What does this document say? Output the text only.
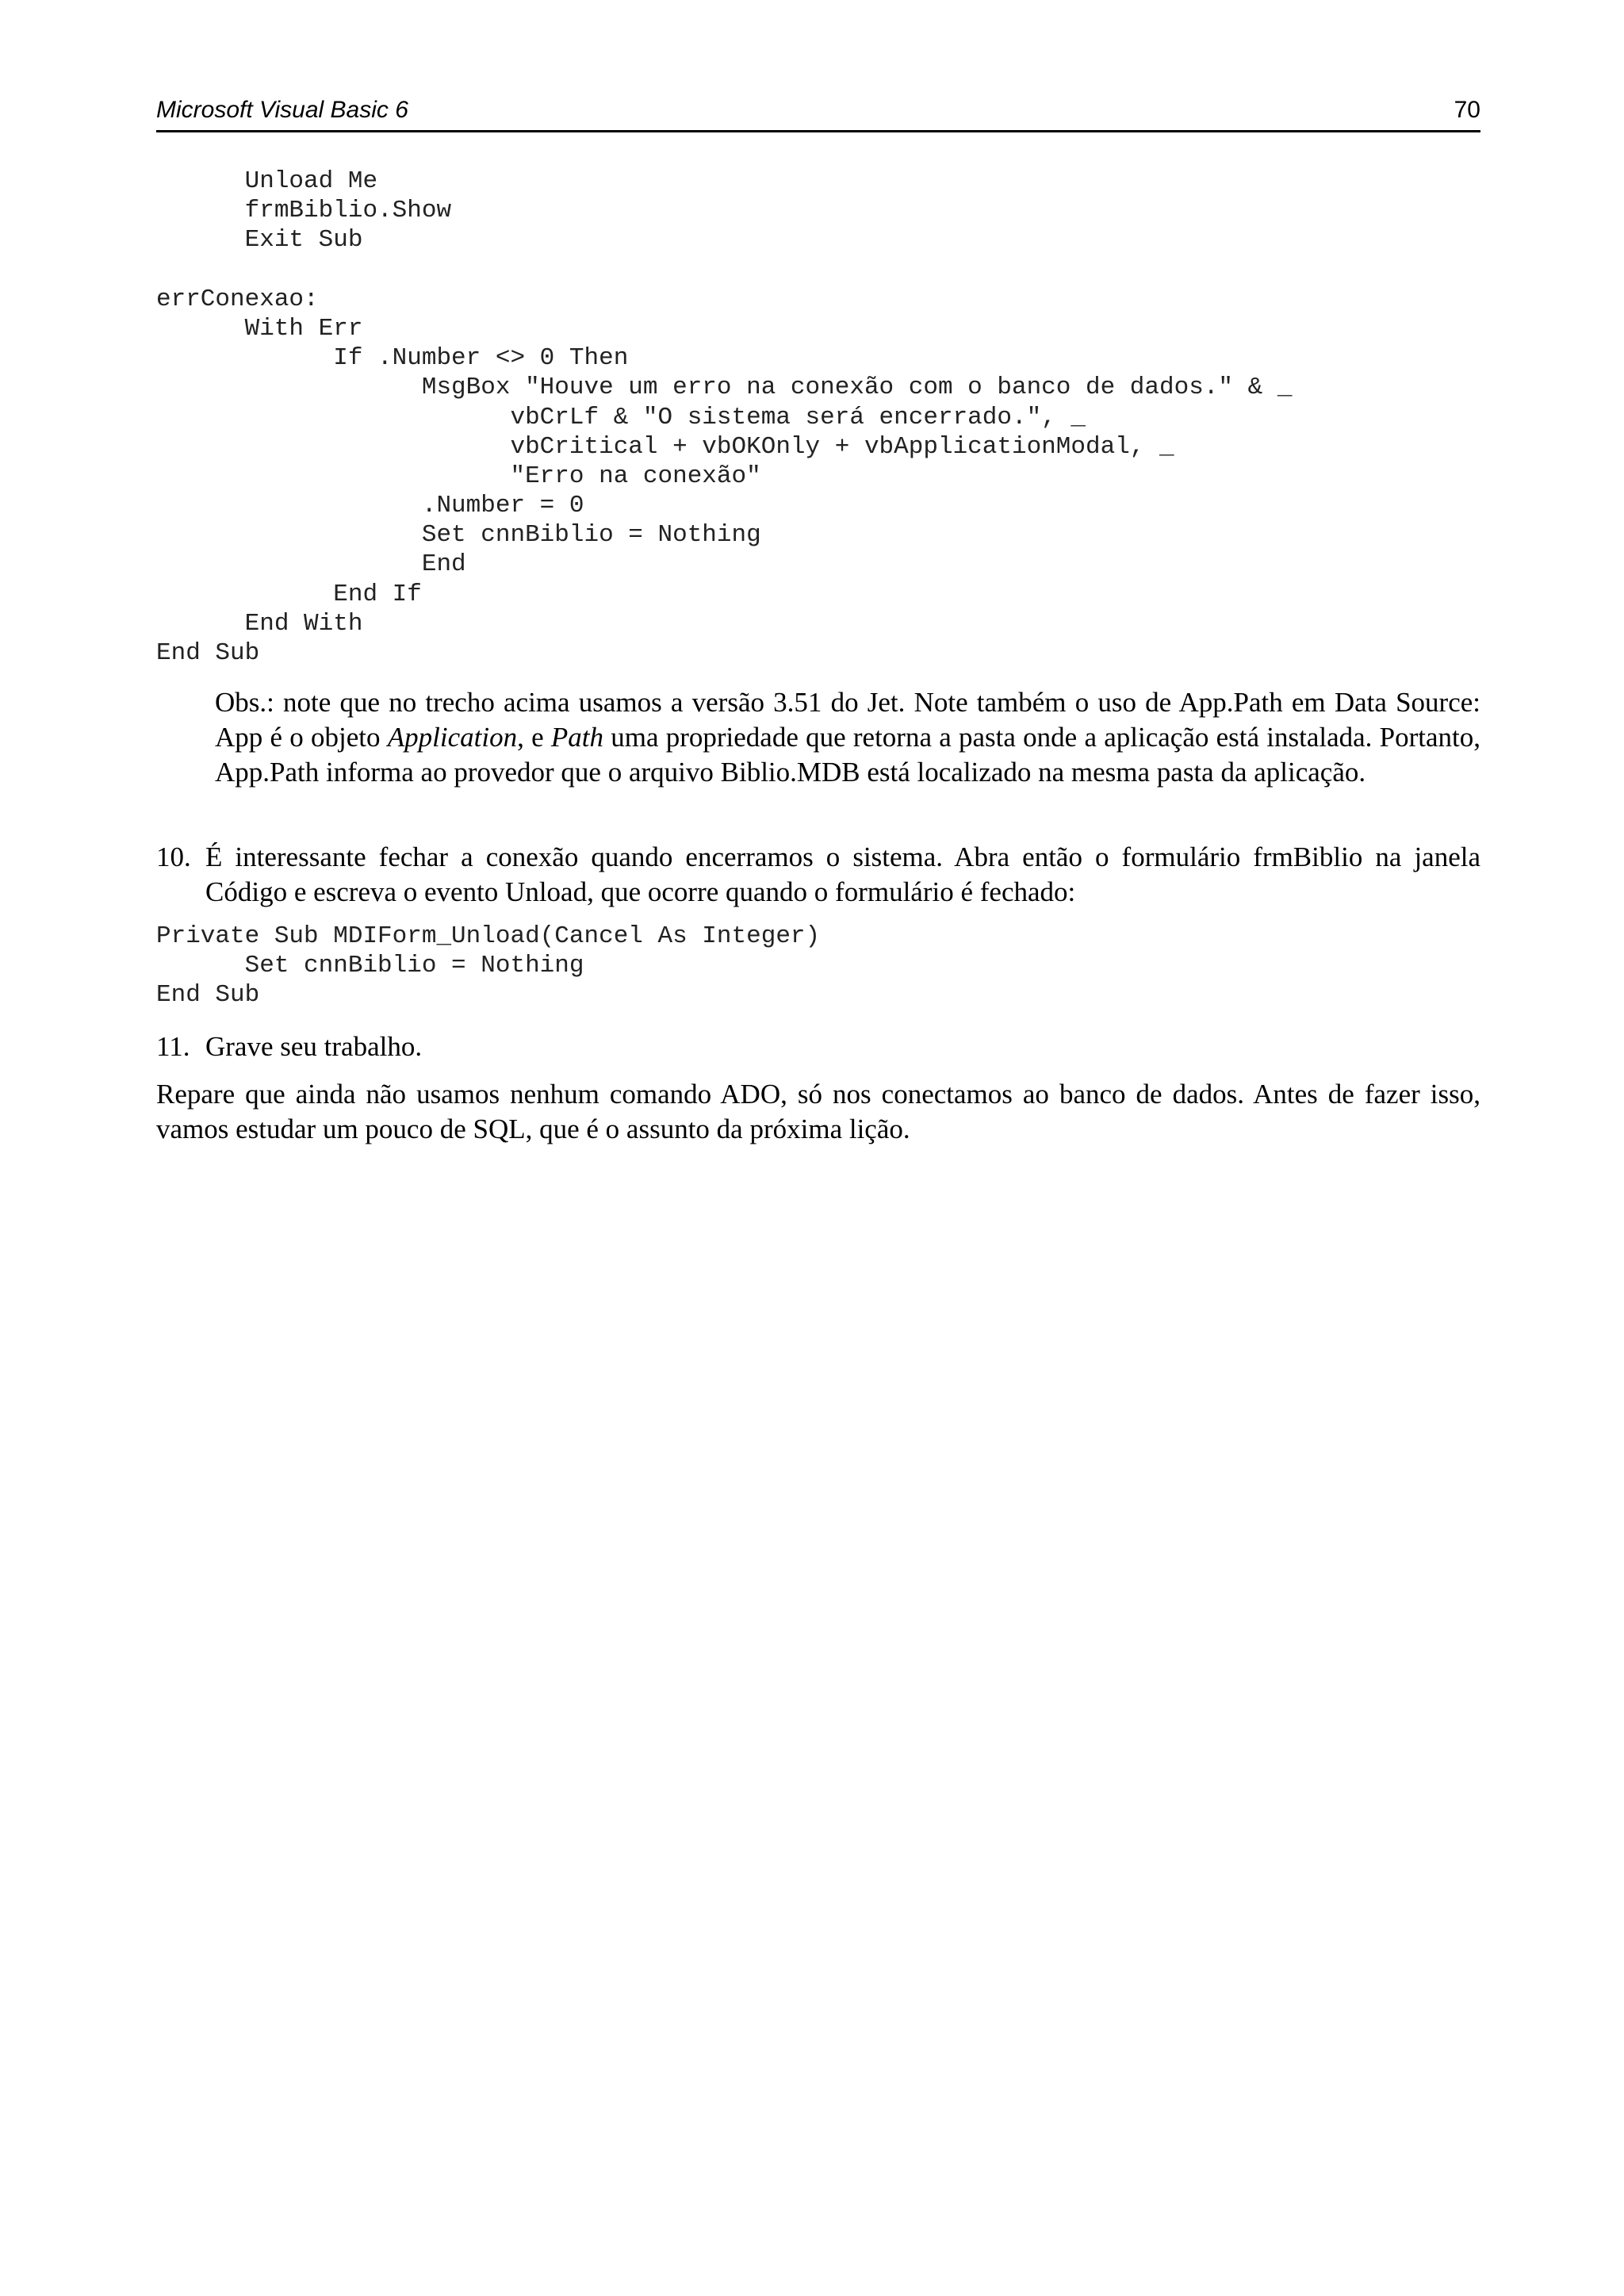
Microsoft Visual Basic 6	70
Unload Me
frmBiblio.Show
Exit Sub
errConexao:
With Err
If .Number <> 0 Then
MsgBox "Houve um erro na conexão com o banco de dados." & _
vbCrLf & "O sistema será encerrado.", _
vbCritical + vbOKOnly + vbApplicationModal, _
"Erro na conexão"
.Number = 0
Set cnnBiblio = Nothing
End
End If
End With
End Sub

Obs.: note que no trecho acima usamos a versão 3.51 do Jet. Note também o uso de App.Path em Data Source: App é o objeto Application, e Path uma propriedade que retorna a pasta onde a aplicação está instalada. Portanto, App.Path informa ao provedor que o arquivo Biblio.MDB está localizado na mesma pasta da aplicação.

10. É interessante fechar a conexão quando encerramos o sistema. Abra então o formulário frmBiblio na janela Código e escreva o evento Unload, que ocorre quando o formulário é fechado:
Private Sub MDIForm_Unload(Cancel As Integer)
Set cnnBiblio = Nothing
End Sub
11. Grave seu trabalho.

Repare que ainda não usamos nenhum comando ADO, só nos conectamos ao banco de dados. Antes de fazer isso, vamos estudar um pouco de SQL, que é o assunto da próxima lição.
